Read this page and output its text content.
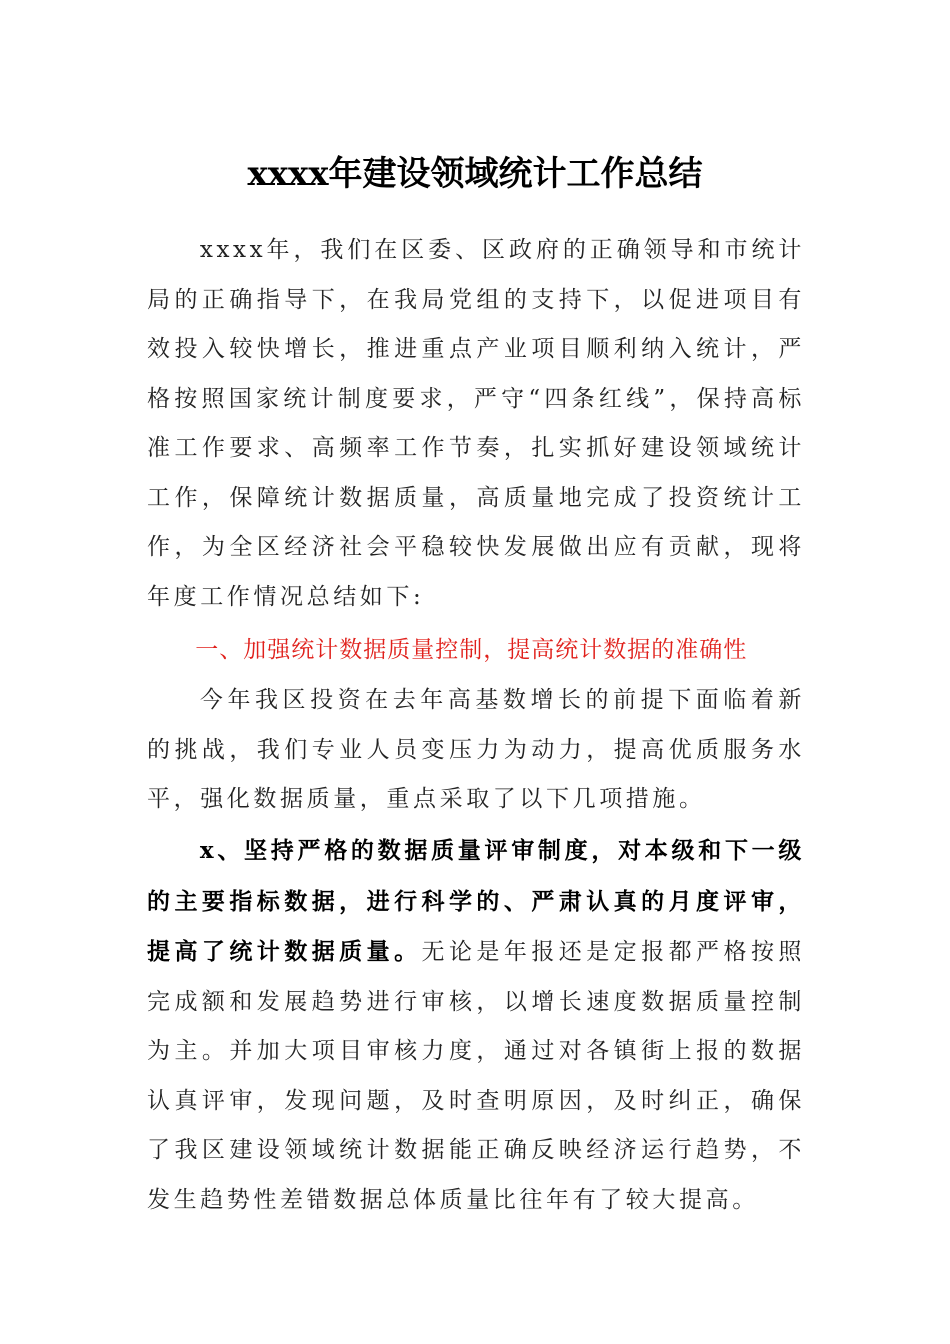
xxxx年建设领域统计工作总结

xxxx年，我们在区委、区政府的正确领导和市统计局的正确指导下，在我局党组的支持下，以促进项目有效投入较快增长，推进重点产业项目顺利纳入统计，严格按照国家统计制度要求，严守“四条红线”，保持高标准工作要求、高频率工作节奏，扎实抓好建设领域统计工作，保障统计数据质量，高质量地完成了投资统计工作，为全区经济社会平稳较快发展做出应有贡献，现将年度工作情况总结如下:

一、加强统计数据质量控制，提高统计数据的准确性

今年我区投资在去年高基数增长的前提下面临着新的挑战，我们专业人员变压力为动力，提高优质服务水平，强化数据质量，重点采取了以下几项措施。

x、坚持严格的数据质量评审制度，对本级和下一级的主要指标数据，进行科学的、严肃认真的月度评审，提高了统计数据质量。无论是年报还是定报都严格按照完成额和发展趋势进行审核，以增长速度数据质量控制为主。并加大项目审核力度，通过对各镇街上报的数据认真评审，发现问题，及时查明原因，及时纠正，确保了我区建设领域统计数据能正确反映经济运行趋势，不发生趋势性差错数据总体质量比往年有了较大提高。
